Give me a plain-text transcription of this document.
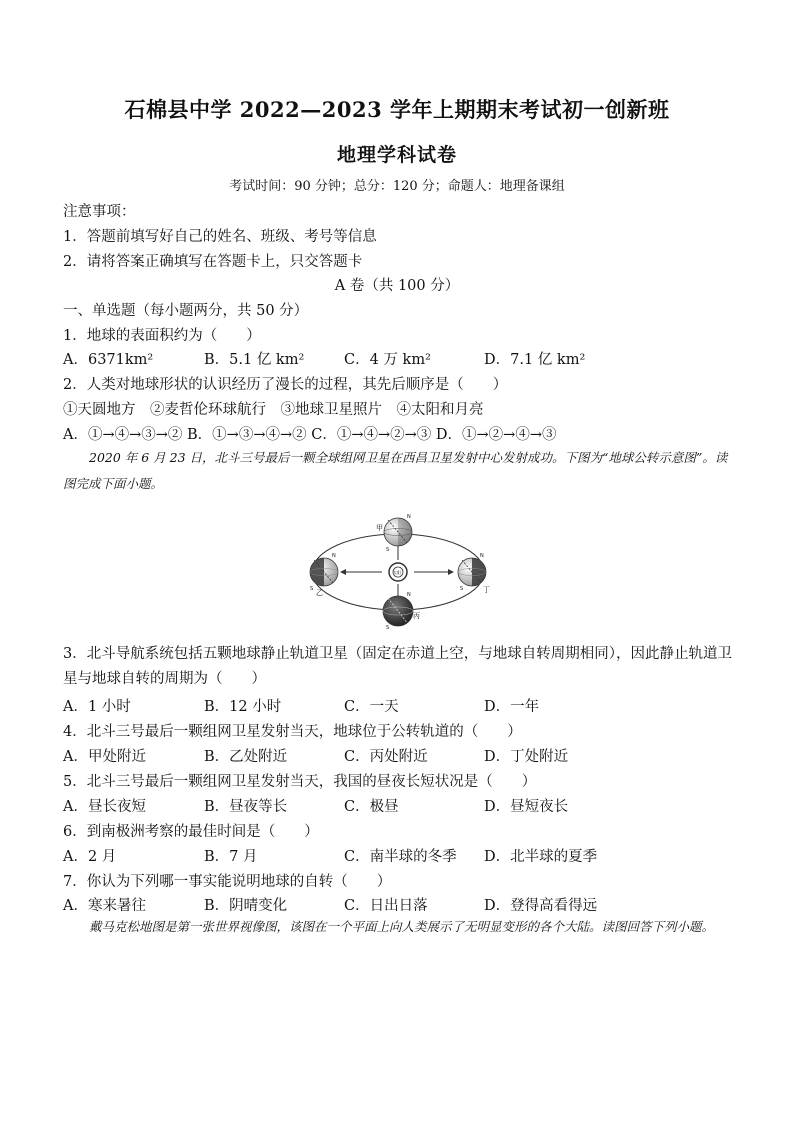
石棉县中学 2022—2023 学年上期期末考试初一创新班
地理学科试卷
考试时间：90 分钟；总分：120 分；命题人：地理备课组
注意事项：
1．答题前填写好自己的姓名、班级、考号等信息
2．请将答案正确填写在答题卡上，只交答题卡
A 卷（共 100 分）
一、单选题（每小题两分，共 50 分）
1．地球的表面积约为（　　）
A．6371km²	B．5.1 亿 km²	C．4 万 km²	D．7.1 亿 km²
2．人类对地球形状的认识经历了漫长的过程，其先后顺序是（　　）
①天圆地方　②麦哲伦环球航行　③地球卫星照片　④太阳和月亮
A．①→④→③→② B．①→③→④→② C．①→④→②→③ D．①→②→④→③
2020 年 6 月 23 日，北斗三号最后一颗全球组网卫星在西昌卫星发射中心发射成功。下图为“地球公转示意图”。读图完成下面小题。
甲
乙
丙
丁
太阳
N
S
N
S
N
S
N
S
3．北斗导航系统包括五颗地球静止轨道卫星（固定在赤道上空，与地球自转周期相同），因此静止轨道卫星与地球自转的周期为（　　）
A．1 小时	B．12 小时	C．一天	D．一年
4．北斗三号最后一颗组网卫星发射当天，地球位于公转轨道的（　　）
A．甲处附近	B．乙处附近	C．丙处附近	D．丁处附近
5．北斗三号最后一颗组网卫星发射当天，我国的昼夜长短状况是（　　）
A．昼长夜短	B．昼夜等长	C．极昼	D．昼短夜长
6．到南极洲考察的最佳时间是（　　）
A．2 月	B．7 月	C．南半球的冬季 D．北半球的夏季
7．你认为下列哪一事实能说明地球的自转（　　）
A．寒来暑往	B．阴晴变化	C．日出日落	D．登得高看得远
戴马克松地图是第一张世界视像图，该图在一个平面上向人类展示了无明显变形的各个大陆。读图回答下列小题。
